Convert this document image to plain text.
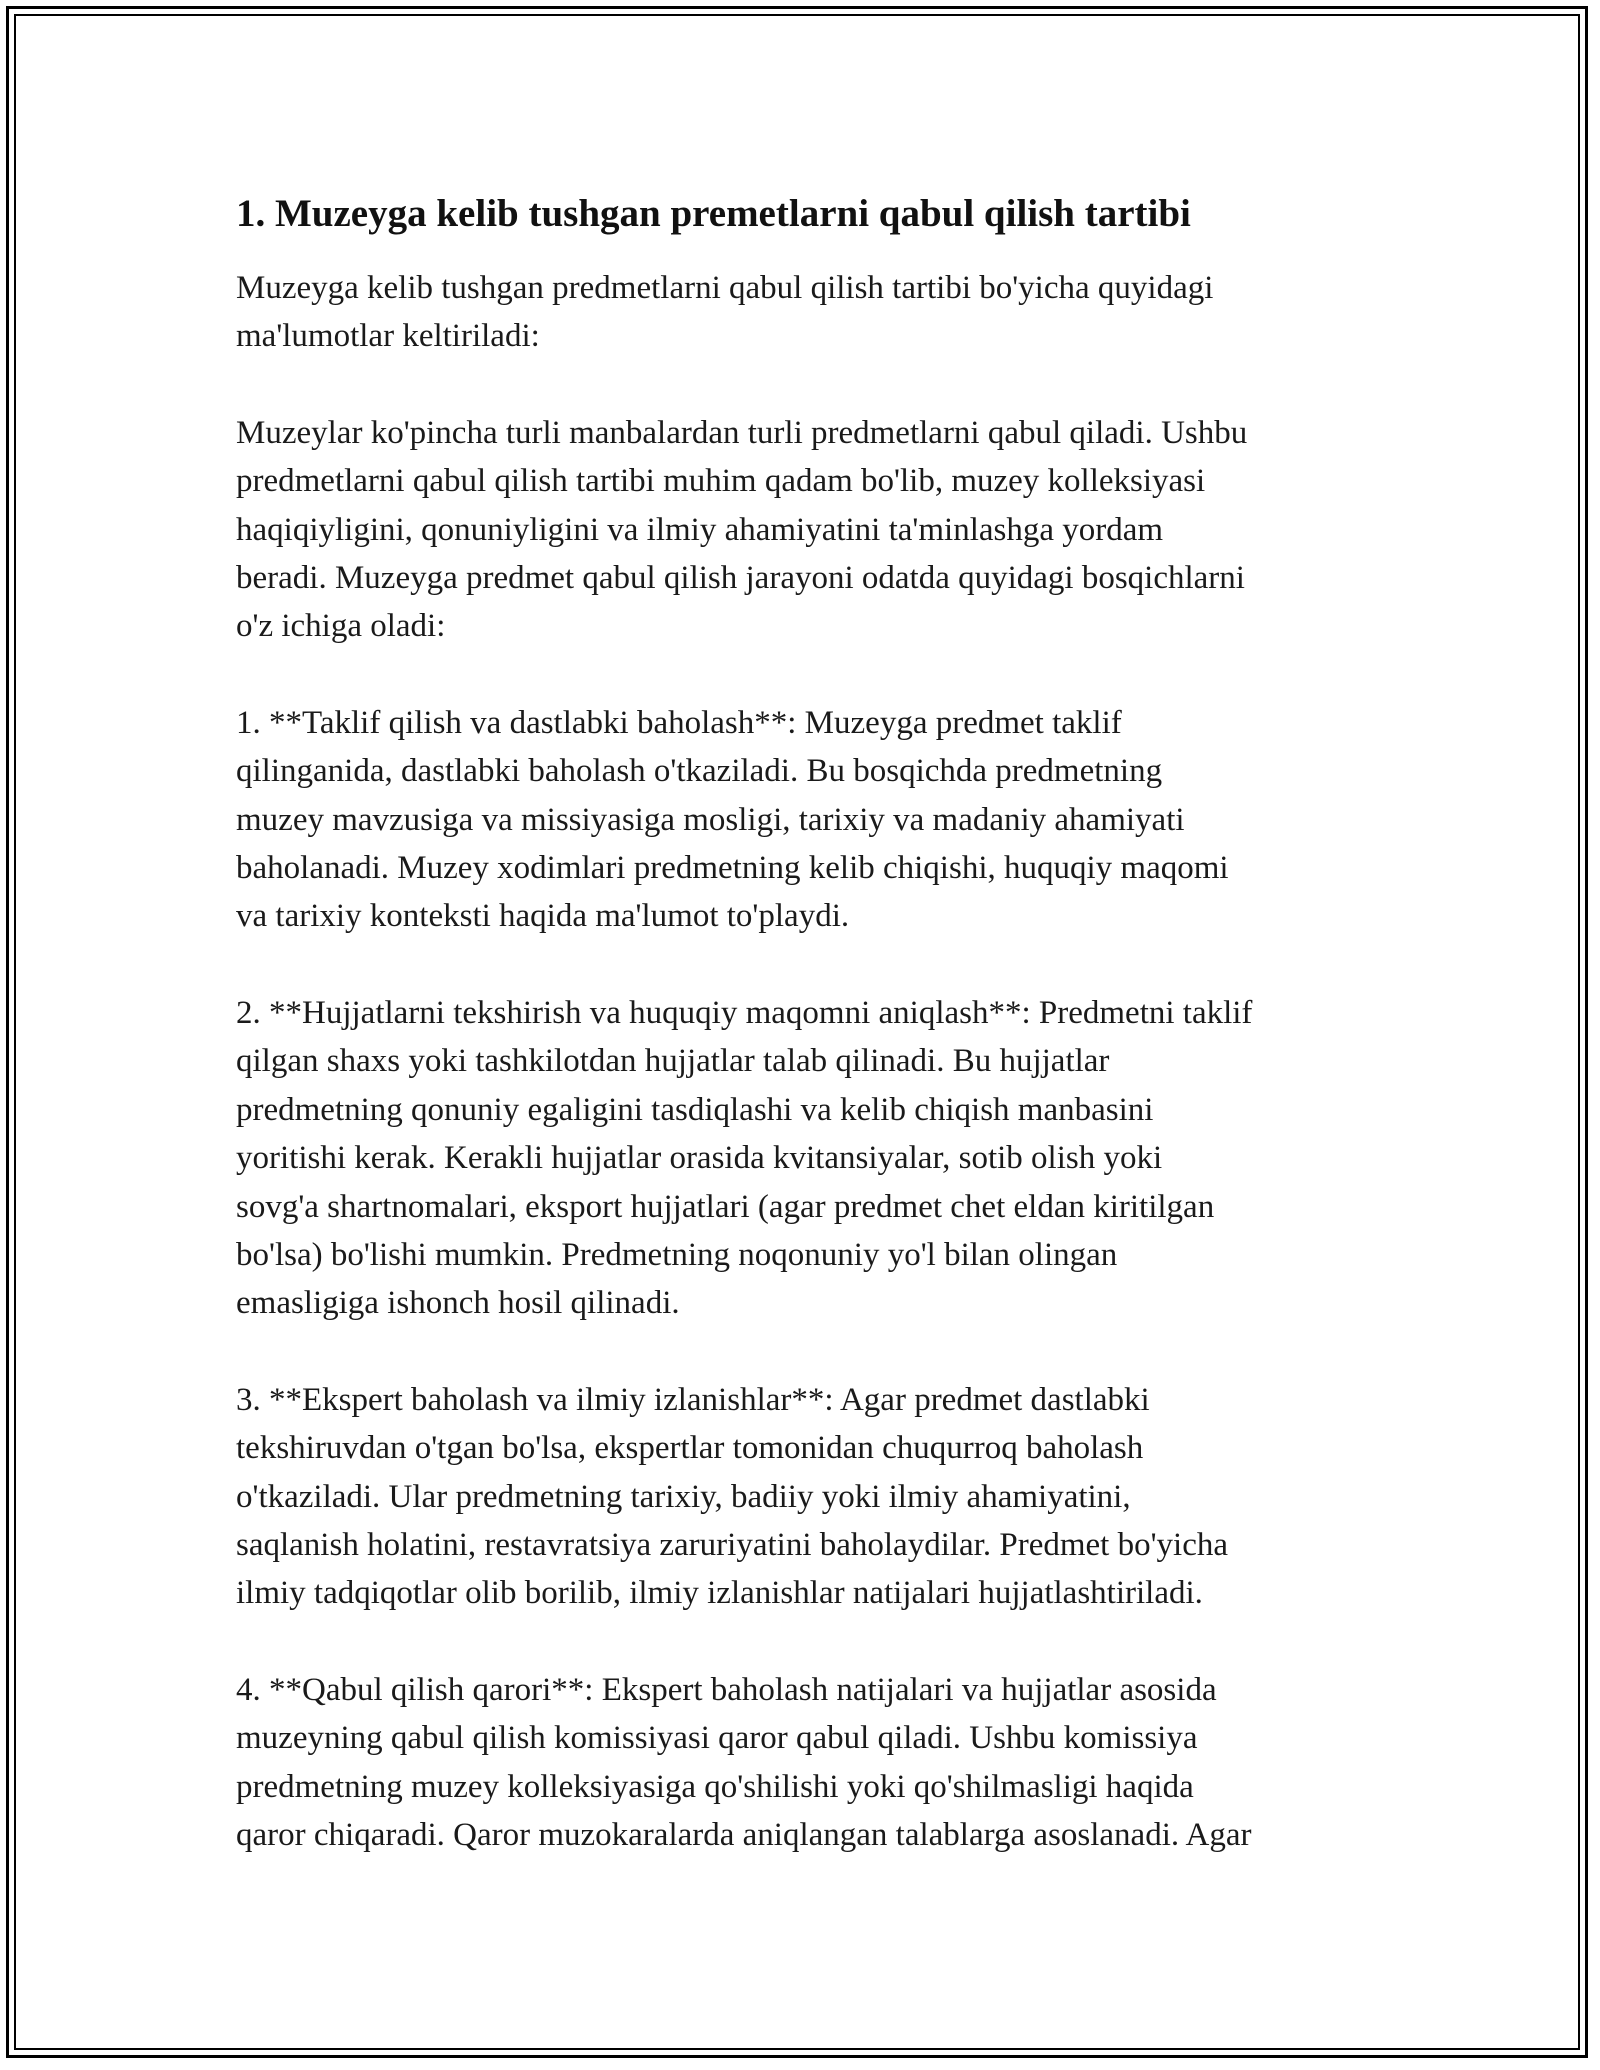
1. Muzeyga kelib tushgan premetlarni qabul qilish tartibi

Muzeyga kelib tushgan predmetlarni qabul qilish tartibi bo'yicha quyidagi
ma'lumotlar keltiriladi:

Muzeylar ko'pincha turli manbalardan turli predmetlarni qabul qiladi. Ushbu
predmetlarni qabul qilish tartibi muhim qadam bo'lib, muzey kolleksiyasi
haqiqiyligini, qonuniyligini va ilmiy ahamiyatini ta'minlashga yordam
beradi. Muzeyga predmet qabul qilish jarayoni odatda quyidagi bosqichlarni
o'z ichiga oladi:

1. **Taklif qilish va dastlabki baholash**: Muzeyga predmet taklif
qilinganida, dastlabki baholash o'tkaziladi. Bu bosqichda predmetning
muzey mavzusiga va missiyasiga mosligi, tarixiy va madaniy ahamiyati
baholanadi. Muzey xodimlari predmetning kelib chiqishi, huquqiy maqomi
va tarixiy konteksti haqida ma'lumot to'playdi.

2. **Hujjatlarni tekshirish va huquqiy maqomni aniqlash**: Predmetni taklif
qilgan shaxs yoki tashkilotdan hujjatlar talab qilinadi. Bu hujjatlar
predmetning qonuniy egaligini tasdiqlashi va kelib chiqish manbasini
yoritishi kerak. Kerakli hujjatlar orasida kvitansiyalar, sotib olish yoki
sovg'a shartnomalari, eksport hujjatlari (agar predmet chet eldan kiritilgan
bo'lsa) bo'lishi mumkin. Predmetning noqonuniy yo'l bilan olingan
emasligiga ishonch hosil qilinadi.

3. **Ekspert baholash va ilmiy izlanishlar**: Agar predmet dastlabki
tekshiruvdan o'tgan bo'lsa, ekspertlar tomonidan chuqurroq baholash
o'tkaziladi. Ular predmetning tarixiy, badiiy yoki ilmiy ahamiyatini,
saqlanish holatini, restavratsiya zaruriyatini baholaydilar. Predmet bo'yicha
ilmiy tadqiqotlar olib borilib, ilmiy izlanishlar natijalari hujjatlashtiriladi.

4. **Qabul qilish qarori**: Ekspert baholash natijalari va hujjatlar asosida
muzeyning qabul qilish komissiyasi qaror qabul qiladi. Ushbu komissiya
predmetning muzey kolleksiyasiga qo'shilishi yoki qo'shilmasligi haqida
qaror chiqaradi. Qaror muzokaralarda aniqlangan talablarga asoslanadi. Agar
